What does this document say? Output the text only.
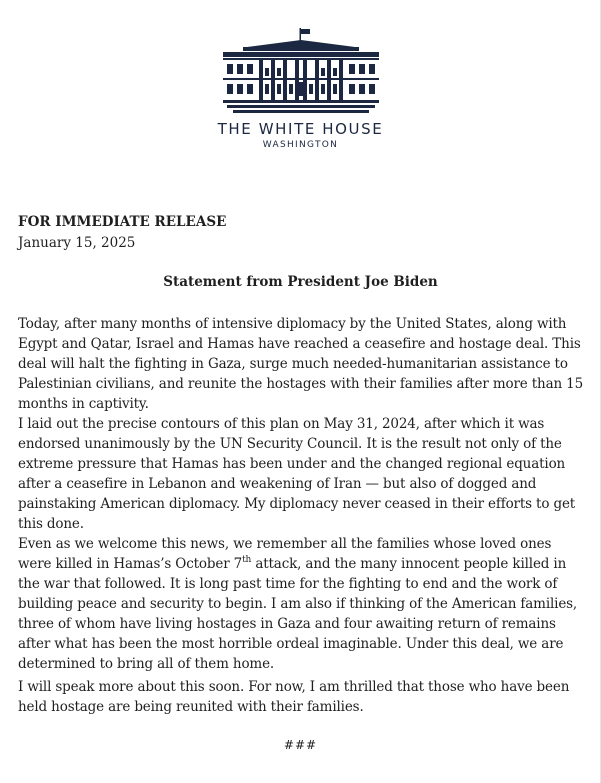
THE WHITE HOUSE
WASHINGTON
FOR IMMEDIATE RELEASE
January 15, 2025
Statement from President Joe Biden

Today, after many months of intensive diplomacy by the United States, along with Egypt and Qatar, Israel and Hamas have reached a ceasefire and hostage deal. This deal will halt the fighting in Gaza, surge much needed-humanitarian assistance to Palestinian civilians, and reunite the hostages with their families after more than 15 months in captivity.

I laid out the precise contours of this plan on May 31, 2024, after which it was endorsed unanimously by the UN Security Council. It is the result not only of the extreme pressure that Hamas has been under and the changed regional equation after a ceasefire in Lebanon and weakening of Iran — but also of dogged and painstaking American diplomacy. My diplomacy never ceased in their efforts to get this done.

Even as we welcome this news, we remember all the families whose loved ones were killed in Hamas’s October 7th attack, and the many innocent people killed in the war that followed. It is long past time for the fighting to end and the work of building peace and security to begin. I am also if thinking of the American families, three of whom have living hostages in Gaza and four awaiting return of remains after what has been the most horrible ordeal imaginable. Under this deal, we are determined to bring all of them home.

I will speak more about this soon. For now, I am thrilled that those who have been held hostage are being reunited with their families.

###
